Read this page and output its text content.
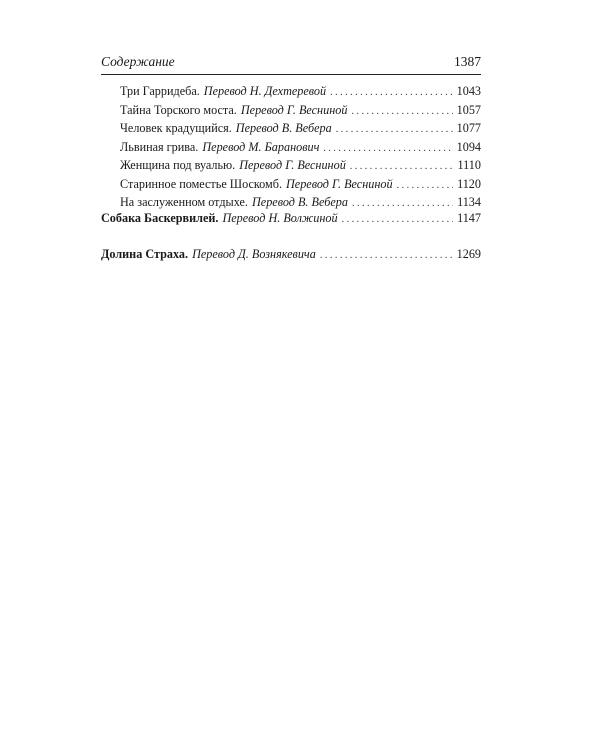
Содержание	1387
Три Гарридеба. Перевод Н. Дехтеревой . . .	1043
Тайна Торского моста. Перевод Г. Весниной . . .	1057
Человек крадущийся. Перевод В. Вебера . . .	1077
Львиная грива. Перевод М. Баранович . . .	1094
Женщина под вуалью. Перевод Г. Весниной . . .	1110
Старинное поместье Шоскомб. Перевод Г. Весниной . . .	1120
На заслуженном отдыхе. Перевод В. Вебера . . .	1134
Собака Баскервилей. Перевод Н. Волжиной . . .	1147
Долина Страха. Перевод Д. Вознякевича . . .	1269
